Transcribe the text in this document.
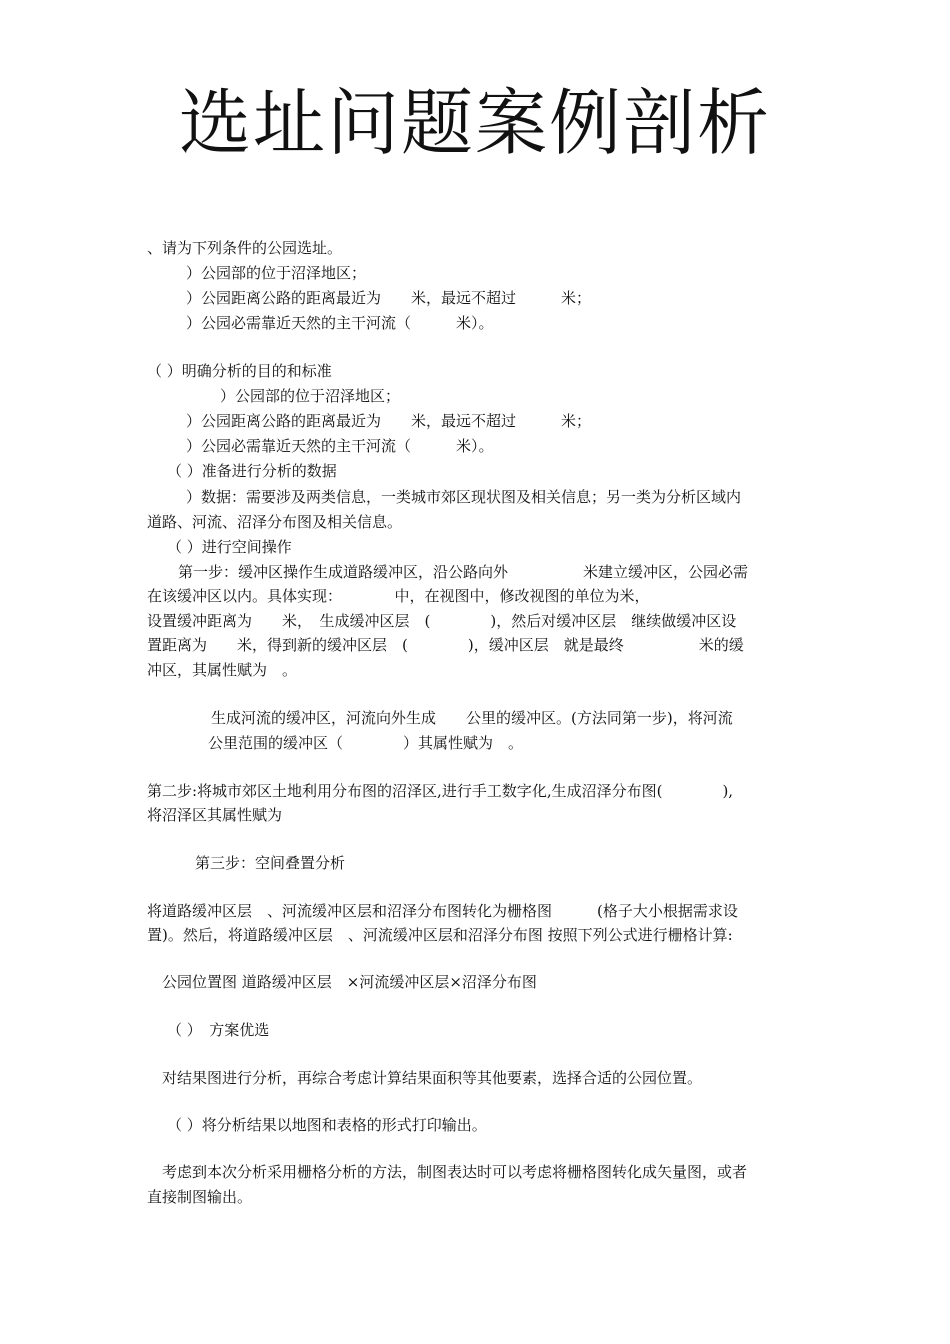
选址问题案例剖析
、请为下列条件的公园选址。
）公园部的位于沼泽地区；
）公园距离公路的距离最近为　　米，最远不超过　　　米；
）公园必需靠近天然的主干河流（　　　米）。
（ ）明确分析的目的和标准
）公园部的位于沼泽地区；
）公园距离公路的距离最近为　　米，最远不超过　　　米；
）公园必需靠近天然的主干河流（　　　米）。
（ ）准备进行分析的数据
）数据：需要涉及两类信息，一类城市郊区现状图及相关信息；另一类为分析区域内
道路、河流、沼泽分布图及相关信息。
（ ）进行空间操作
第一步：缓冲区操作生成道路缓冲区，沿公路向外　　　　　米建立缓冲区，公园必需
在该缓冲区以内。具体实现：　　　　中，在视图中，修改视图的单位为米，
设置缓冲距离为　　米，　生成缓冲区层　(　　　　)，然后对缓冲区层　继续做缓冲区设
置距离为　　米，得到新的缓冲区层　(　　　　)，缓冲区层　就是最终　　　　　米的缓
冲区，其属性赋为　。
生成河流的缓冲区，河流向外生成　　公里的缓冲区。(方法同第一步)，将河流
公里范围的缓冲区（　　　　）其属性赋为　。
第二步:将城市郊区土地利用分布图的沼泽区,进行手工数字化,生成沼泽分布图(　　　　),
将沼泽区其属性赋为
第三步：空间叠置分析
将道路缓冲区层　、河流缓冲区层和沼泽分布图转化为栅格图　　　(格子大小根据需求设
置)。然后，将道路缓冲区层　、河流缓冲区层和沼泽分布图 按照下列公式进行栅格计算:
公园位置图 道路缓冲区层　×河流缓冲区层×沼泽分布图
（ ）　方案优选
对结果图进行分析，再综合考虑计算结果面积等其他要素，选择合适的公园位置。
（ ）将分析结果以地图和表格的形式打印输出。
考虑到本次分析采用栅格分析的方法，制图表达时可以考虑将栅格图转化成矢量图，或者
直接制图输出。
